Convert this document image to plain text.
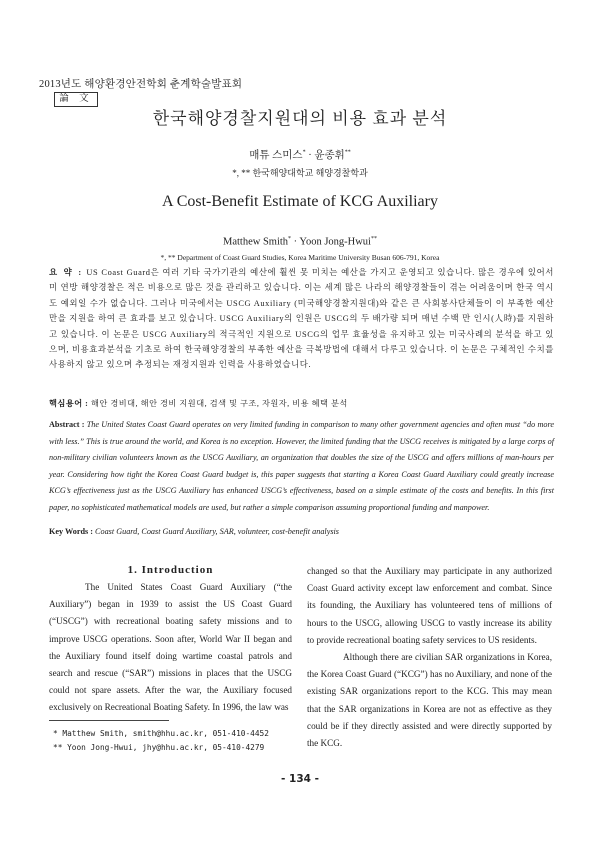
2013년도 해양환경안전학회 춘계학술발표회
論 文
한국해양경찰지원대의 비용 효과 분석
매튜 스미스* · 윤종휘**
*, ** 한국해양대학교 해양경찰학과
A Cost-Benefit Estimate of KCG Auxiliary
Matthew Smith* · Yoon Jong-Hwui**
*, ** Department of Coast Guard Studies, Korea Maritime University Busan 606-791, Korea
요 약 : US Coast Guard은 여러 기타 국가기관의 예산에 훨씬 못 미치는 예산을 가지고 운영되고 있습니다. 많은 경우에 있어서 미 연방 해양경찰은 적은 비용으로 많은 것을 관리하고 있습니다. 이는 세계 많은 나라의 해양경찰들이 겪는 어려움이며 한국 역시도 예외일 수가 없습니다. 그러나 미국에서는 USCG Auxiliary (미국해양경찰지원대)와 같은 큰 사회봉사단체들이 이 부족한 예산만을 지원을 하여 큰 효과를 보고 있습니다. USCG Auxiliary의 인원은 USCG의 두 배가량 되며 매년 수백 만 인시(人時)를 지원하고 있습니다. 이 논문은 USCG Auxiliary의 적극적인 지원으로 USCG의 업무 효율성을 유지하고 있는 미국사례의 분석을 하고 있으며, 비용효과분석을 기초로 하여 한국해양경찰의 부족한 예산을 극복방법에 대해서 다루고 있습니다. 이 논문은 구체적인 수치를 사용하지 않고 있으며 추정되는 재정지원과 인력을 사용하였습니다.
핵심용어 : 해안 경비대, 해안 경비 지원대, 검색 및 구조, 자원자, 비용 혜택 분석
Abstract : The United States Coast Guard operates on very limited funding in comparison to many other government agencies and often must “do more with less.” This is true around the world, and Korea is no exception. However, the limited funding that the USCG receives is mitigated by a large corps of non-military civilian volunteers known as the USCG Auxiliary, an organization that doubles the size of the USCG and offers millions of man-hours per year. Considering how tight the Korea Coast Guard budget is, this paper suggests that starting a Korea Coast Guard Auxiliary could greatly increase KCG’s effectiveness just as the USCG Auxiliary has enhanced USCG’s effectiveness, based on a simple estimate of the costs and benefits. In this first paper, no sophisticated mathematical models are used, but rather a simple comparison assuming proportional funding and manpower.
Key Words : Coast Guard, Coast Guard Auxiliary, SAR, volunteer, cost-benefit analysis
1. Introduction

The United States Coast Guard Auxiliary (“the Auxiliary”) began in 1939 to assist the US Coast Guard (“USCG”) with recreational boating safety missions and to improve USCG operations. Soon after, World War II began and the Auxiliary found itself doing wartime coastal patrols and search and rescue (“SAR”) missions in places that the USCG could not spare assets. After the war, the Auxiliary focused exclusively on Recreational Boating Safety. In 1996, the law was

changed so that the Auxiliary may participate in any authorized Coast Guard activity except law enforcement and combat. Since its founding, the Auxiliary has volunteered tens of millions of hours to the USCG, allowing USCG to vastly increase its ability to provide recreational boating safety services to US residents.

Although there are civilian SAR organizations in Korea, the Korea Coast Guard (“KCG”) has no Auxiliary, and none of the existing SAR organizations report to the KCG. This may mean that the SAR organizations in Korea are not as effective as they could be if they directly assisted and were directly supported by the KCG.

* Matthew Smith, smith@hhu.ac.kr, 051-410-4452
** Yoon Jong-Hwui, jhy@hhu.ac.kr, 05-410-4279
- 134 -
